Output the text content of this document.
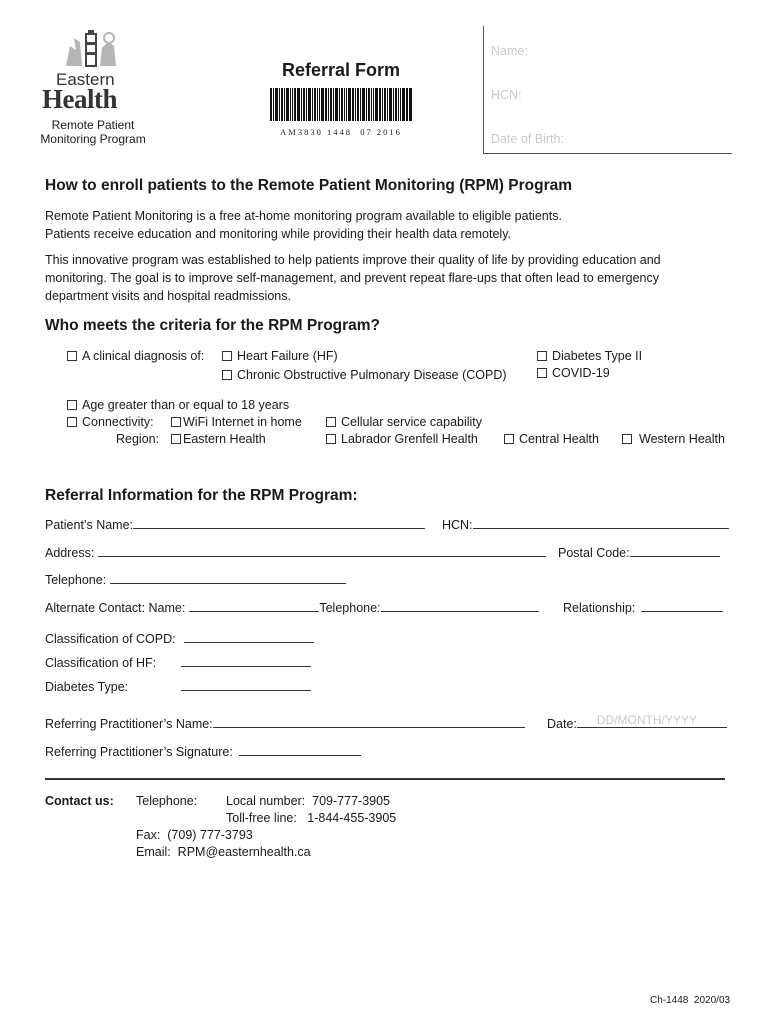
Eastern
Health
Remote Patient
Monitoring Program
Referral Form
AM3830 1448  07 2016
Name:
HCN:
Date of Birth:
How to enroll patients to the Remote Patient Monitoring (RPM) Program
Remote Patient Monitoring is a free at-home monitoring program available to eligible patients.
Patients receive education and monitoring while providing their health data remotely.
This innovative program was established to help patients improve their quality of life by providing education and
monitoring. The goal is to improve self-management, and prevent repeat flare-ups that often lead to emergency
department visits and hospital readmissions.
Who meets the criteria for the RPM Program?
A clinical diagnosis of:	Heart Failure (HF)
Chronic Obstructive Pulmonary Disease (COPD)
Diabetes Type II
COVID-19
Age greater than or equal to 18 years
Connectivity:	WiFi Internet in home	Cellular service capability
Region:	Eastern Health	Labrador Grenfell Health	Central Health	Western Health
Referral Information for the RPM Program:
Patient’s Name:	HCN:
Address:	Postal Code:
Telephone:
Alternate Contact: Name:	Telephone:	Relationship:
Classification of COPD:
Classification of HF:
Diabetes Type:
Referring Practitioner’s Name:	Date: DD/MONTH/YYYY
Referring Practitioner’s Signature:
Contact us: Telephone: Local number:  709-777-3905
Toll-free line:   1-844-455-3905
Fax:  (709) 777-3793
Email:  RPM@easternhealth.ca
Ch-1448  2020/03
